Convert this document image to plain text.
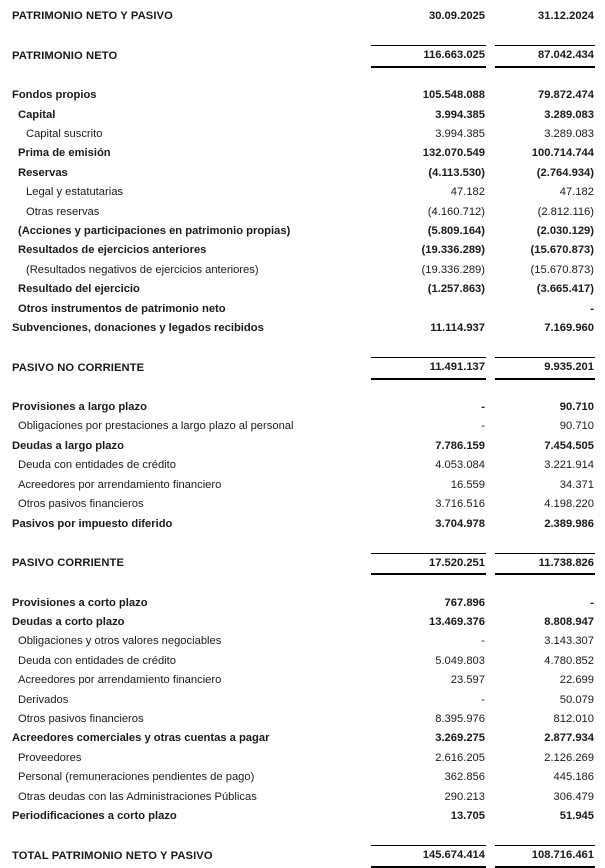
PATRIMONIO NETO Y PASIVO	30.09.2025		31.12.2024

PATRIMONIO NETO	116.663.025		87.042.434

Fondos propios	105.548.088		79.872.474
Capital	3.994.385		3.289.083
Capital suscrito	3.994.385		3.289.083
Prima de emisión	132.070.549		100.714.744
Reservas	(4.113.530)		(2.764.934)
Legal y estatutarias	47.182		47.182
Otras reservas	(4.160.712)		(2.812.116)
(Acciones y participaciones en patrimonio propias)	(5.809.164)		(2.030.129)
Resultados de ejercicios anteriores	(19.336.289)		(15.670.873)
(Resultados negativos de ejercicios anteriores)	(19.336.289)		(15.670.873)
Resultado del ejercicio	(1.257.863)		(3.665.417)
Otros instrumentos de patrimonio neto			-
Subvenciones, donaciones y legados recibidos	11.114.937		7.169.960

PASIVO NO CORRIENTE	11.491.137		9.935.201

Provisiones a largo plazo	-		90.710
Obligaciones por prestaciones a largo plazo al personal	-		90.710
Deudas a largo plazo	7.786.159		7.454.505
Deuda con entidades de crédito	4.053.084		3.221.914
Acreedores por arrendamiento financiero	16.559		34.371
Otros pasivos financieros	3.716.516		4.198.220
Pasivos por impuesto diferido	3.704.978		2.389.986

PASIVO CORRIENTE	17.520.251		11.738.826

Provisiones a corto plazo	767.896		-
Deudas a corto plazo	13.469.376		8.808.947
Obligaciones y otros valores negociables	-		3.143.307
Deuda con entidades de crédito	5.049.803		4.780.852
Acreedores por arrendamiento financiero	23.597		22.699
Derivados	-		50.079
Otros pasivos financieros	8.395.976		812.010
Acreedores comerciales y otras cuentas a pagar	3.269.275		2.877.934
Proveedores	2.616.205		2.126.269
Personal (remuneraciones pendientes de pago)	362.856		445.186
Otras deudas con las Administraciones Públicas	290.213		306.479
Periodificaciones a corto plazo	13.705		51.945

TOTAL PATRIMONIO NETO Y PASIVO	145.674.414		108.716.461
